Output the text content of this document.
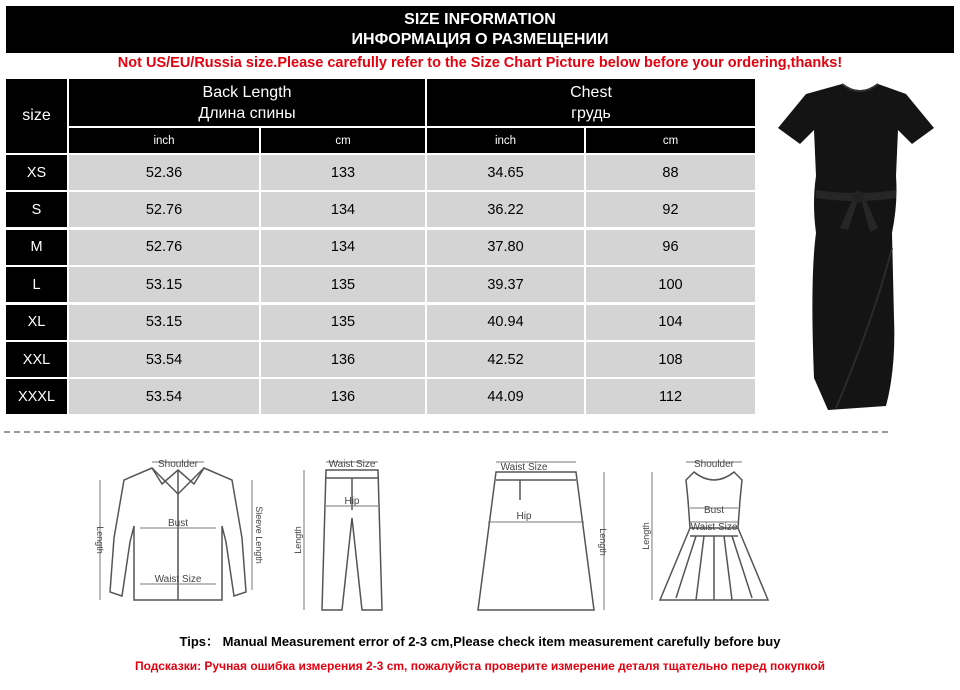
SIZE INFORMATION
ИНФОРМАЦИЯ О РАЗМЕЩЕНИИ
Not US/EU/Russia size.Please carefully refer to the Size Chart Picture below before your ordering,thanks!
size
Back Length
Длина спины
Chest
грудь
inch	cm	inch	cm
XS	52.36	133	34.65	88
S	52.76	134	36.22	92
M	52.76	134	37.80	96
L	53.15	135	39.37	100
XL	53.15	135	40.94	104
XXL	53.54	136	42.52	108
XXXL	53.54	136	44.09	112
Shoulder
Bust
Waist Size
Length	Sleeve Length
Waist Size
Hip
Length
Waist Size
Hip
Length
Shoulder
Bust
Waist Size
Length
Tips： Manual Measurement error of 2-3 cm,Please check item measurement carefully before buy
Подсказки: Ручная ошибка измерения 2-3 cm, пожалуйста проверите измерение деталя тщательно перед покупкой
